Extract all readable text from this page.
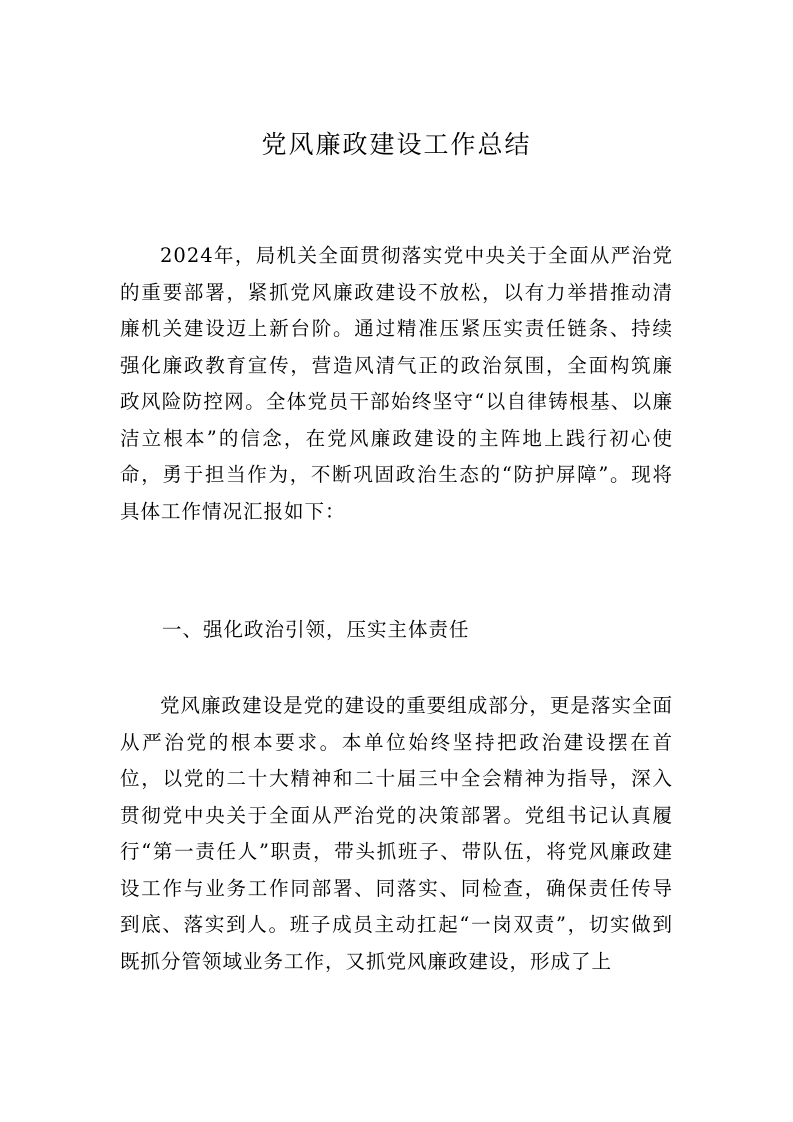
党风廉政建设工作总结

2024年，局机关全面贯彻落实党中央关于全面从严治党的重要部署，紧抓党风廉政建设不放松，以有力举措推动清廉机关建设迈上新台阶。通过精准压紧压实责任链条、持续强化廉政教育宣传，营造风清气正的政治氛围，全面构筑廉政风险防控网。全体党员干部始终坚守“以自律铸根基、以廉洁立根本”的信念，在党风廉政建设的主阵地上践行初心使命，勇于担当作为，不断巩固政治生态的“防护屏障”。现将具体工作情况汇报如下：

一、强化政治引领，压实主体责任

党风廉政建设是党的建设的重要组成部分，更是落实全面从严治党的根本要求。本单位始终坚持把政治建设摆在首位，以党的二十大精神和二十届三中全会精神为指导，深入贯彻党中央关于全面从严治党的决策部署。党组书记认真履行“第一责任人”职责，带头抓班子、带队伍，将党风廉政建设工作与业务工作同部署、同落实、同检查，确保责任传导到底、落实到人。班子成员主动扛起“一岗双责”，切实做到既抓分管领域业务工作，又抓党风廉政建设，形成了上
